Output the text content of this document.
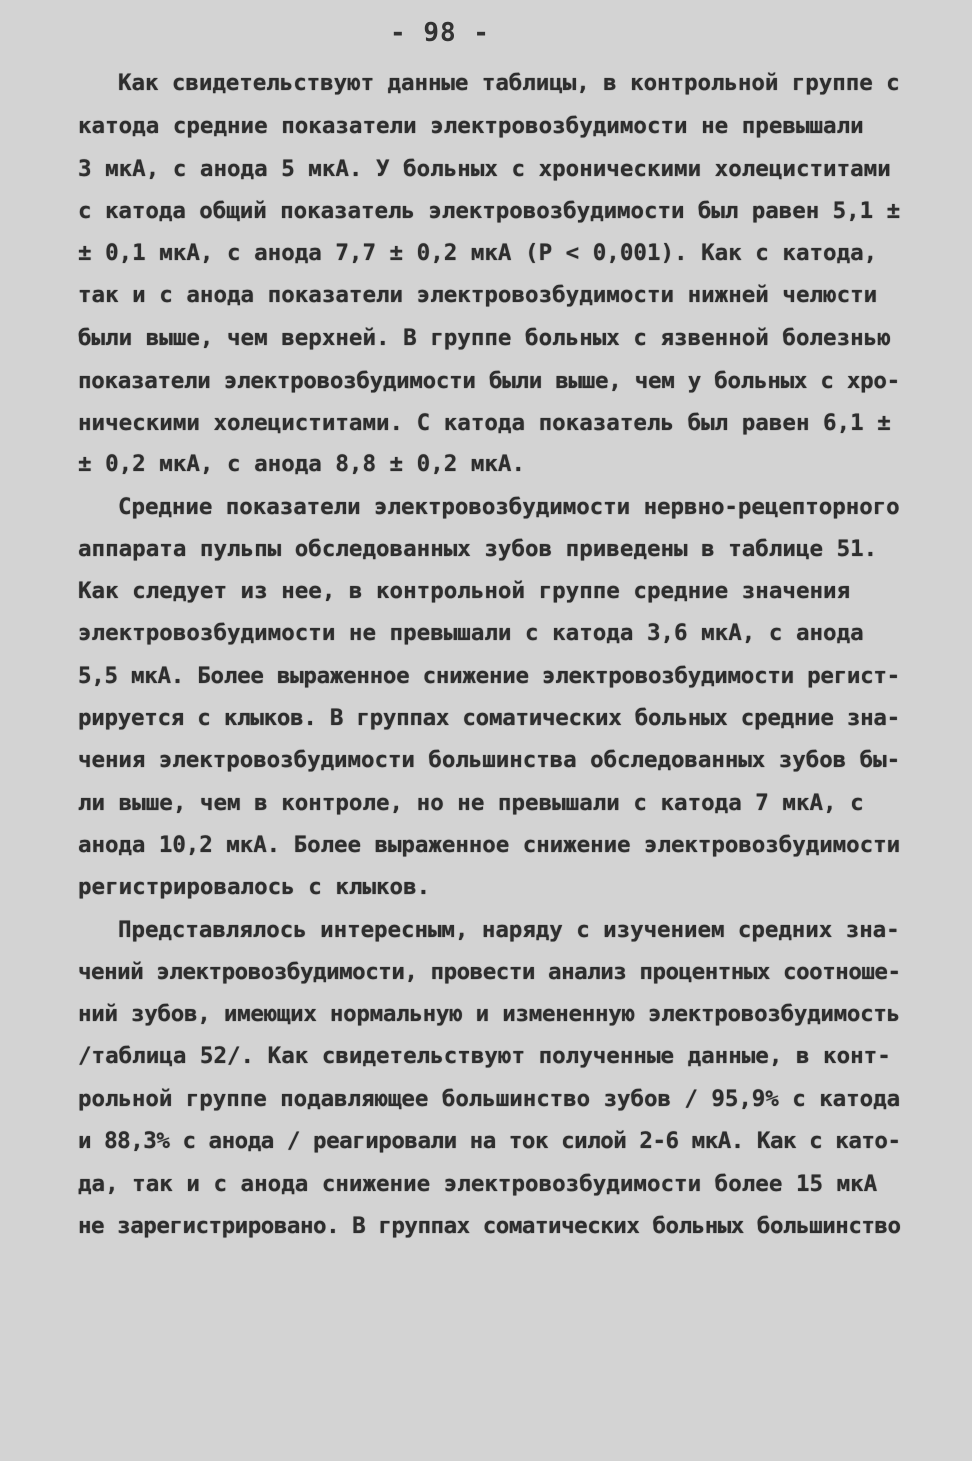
- 98 -
Как свидетельствуют данные таблицы, в контрольной группе с
катода средние показатели электровозбудимости не превышали
3 мкА, с анода 5 мкА. У больных с хроническими холециститами
с катода общий показатель электровозбудимости был равен 5,1 ±
± 0,1 мкА, с анода 7,7 ± 0,2 мкА (Р < 0,001). Как с катода,
так и с анода показатели электровозбудимости нижней челюсти
были выше, чем верхней. В группе больных с язвенной болезнью
показатели электровозбудимости были выше, чем у больных с хро-
ническими холециститами. С катода показатель был равен 6,1 ±
± 0,2 мкА, с анода 8,8 ± 0,2 мкА.
Средние показатели электровозбудимости нервно-рецепторного
аппарата пульпы обследованных зубов приведены в таблице 51.
Как следует из нее, в контрольной группе средние значения
электровозбудимости не превышали с катода 3,6 мкА, с анода
5,5 мкА. Более выраженное снижение электровозбудимости регист-
рируется с клыков. В группах соматических больных средние зна-
чения электровозбудимости большинства обследованных зубов бы-
ли выше, чем в контроле, но не превышали с катода 7 мкА, с
анода 10,2 мкА. Более выраженное снижение электровозбудимости
регистрировалось с клыков.
Представлялось интересным, наряду с изучением средних зна-
чений электровозбудимости, провести анализ процентных соотноше-
ний зубов, имеющих нормальную и измененную электровозбудимость
/таблица 52/. Как свидетельствуют полученные данные, в конт-
рольной группе подавляющее большинство зубов / 95,9% с катода
и 88,3% с анода / реагировали на ток силой 2-6 мкА. Как с като-
да, так и с анода снижение электровозбудимости более 15 мкА
не зарегистрировано. В группах соматических больных большинство
